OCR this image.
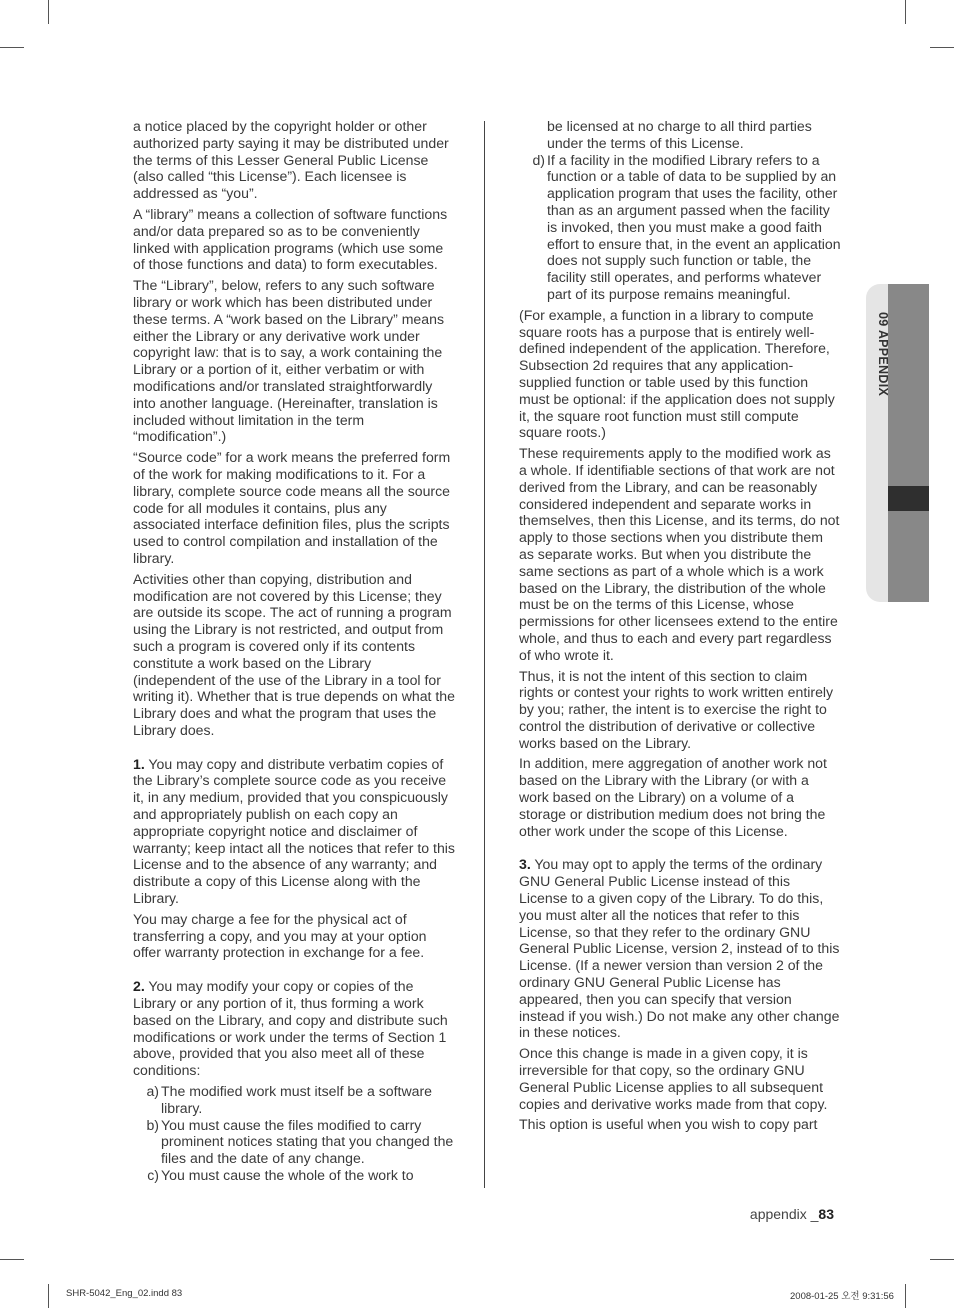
a notice placed by the copyright holder or other authorized party saying it may be distributed under the terms of this Lesser General Public License (also called “this License”). Each licensee is addressed as “you”.

A “library” means a collection of software functions and/or data prepared so as to be conveniently linked with application programs (which use some of those functions and data) to form executables.

The “Library”, below, refers to any such software library or work which has been distributed under these terms. A “work based on the Library” means either the Library or any derivative work under copyright law: that is to say, a work containing the Library or a portion of it, either verbatim or with modifications and/or translated straightforwardly into another language. (Hereinafter, translation is included without limitation in the term “modification”.)

“Source code” for a work means the preferred form of the work for making modifications to it. For a library, complete source code means all the source code for all modules it contains, plus any associated interface definition files, plus the scripts used to control compilation and installation of the library.

Activities other than copying, distribution and modification are not covered by this License; they are outside its scope. The act of running a program using the Library is not restricted, and output from such a program is covered only if its contents constitute a work based on the Library (independent of the use of the Library in a tool for writing it). Whether that is true depends on what the Library does and what the program that uses the Library does.

1. You may copy and distribute verbatim copies of the Library’s complete source code as you receive it, in any medium, provided that you conspicuously and appropriately publish on each copy an appropriate copyright notice and disclaimer of warranty; keep intact all the notices that refer to this License and to the absence of any warranty; and distribute a copy of this License along with the Library.

You may charge a fee for the physical act of transferring a copy, and you may at your option offer warranty protection in exchange for a fee.

2. You may modify your copy or copies of the Library or any portion of it, thus forming a work based on the Library, and copy and distribute such modifications or work under the terms of Section 1 above, provided that you also meet all of these conditions:

a) The modified work must itself be a software library.
b) You must cause the files modified to carry prominent notices stating that you changed the files and the date of any change.
c) You must cause the whole of the work to
be licensed at no charge to all third parties under the terms of this License.
d) If a facility in the modified Library refers to a function or a table of data to be supplied by an application program that uses the facility, other than as an argument passed when the facility is invoked, then you must make a good faith effort to ensure that, in the event an application does not supply such function or table, the facility still operates, and performs whatever part of its purpose remains meaningful.

(For example, a function in a library to compute square roots has a purpose that is entirely well-defined independent of the application. Therefore, Subsection 2d requires that any application-supplied function or table used by this function must be optional: if the application does not supply it, the square root function must still compute square roots.)

These requirements apply to the modified work as a whole. If identifiable sections of that work are not derived from the Library, and can be reasonably considered independent and separate works in themselves, then this License, and its terms, do not apply to those sections when you distribute them as separate works. But when you distribute the same sections as part of a whole which is a work based on the Library, the distribution of the whole must be on the terms of this License, whose permissions for other licensees extend to the entire whole, and thus to each and every part regardless of who wrote it.

Thus, it is not the intent of this section to claim rights or contest your rights to work written entirely by you; rather, the intent is to exercise the right to control the distribution of derivative or collective works based on the Library.

In addition, mere aggregation of another work not based on the Library with the Library (or with a work based on the Library) on a volume of a storage or distribution medium does not bring the other work under the scope of this License.

3. You may opt to apply the terms of the ordinary GNU General Public License instead of this License to a given copy of the Library. To do this, you must alter all the notices that refer to this License, so that they refer to the ordinary GNU General Public License, version 2, instead of to this License. (If a newer version than version 2 of the ordinary GNU General Public License has appeared, then you can specify that version instead if you wish.) Do not make any other change in these notices.

Once this change is made in a given copy, it is irreversible for that copy, so the ordinary GNU General Public License applies to all subsequent copies and derivative works made from that copy.

This option is useful when you wish to copy part

09 APPENDIX
appendix _83
SHR-5042_Eng_02.indd 83	2008-01-25 오전 9:31:56
